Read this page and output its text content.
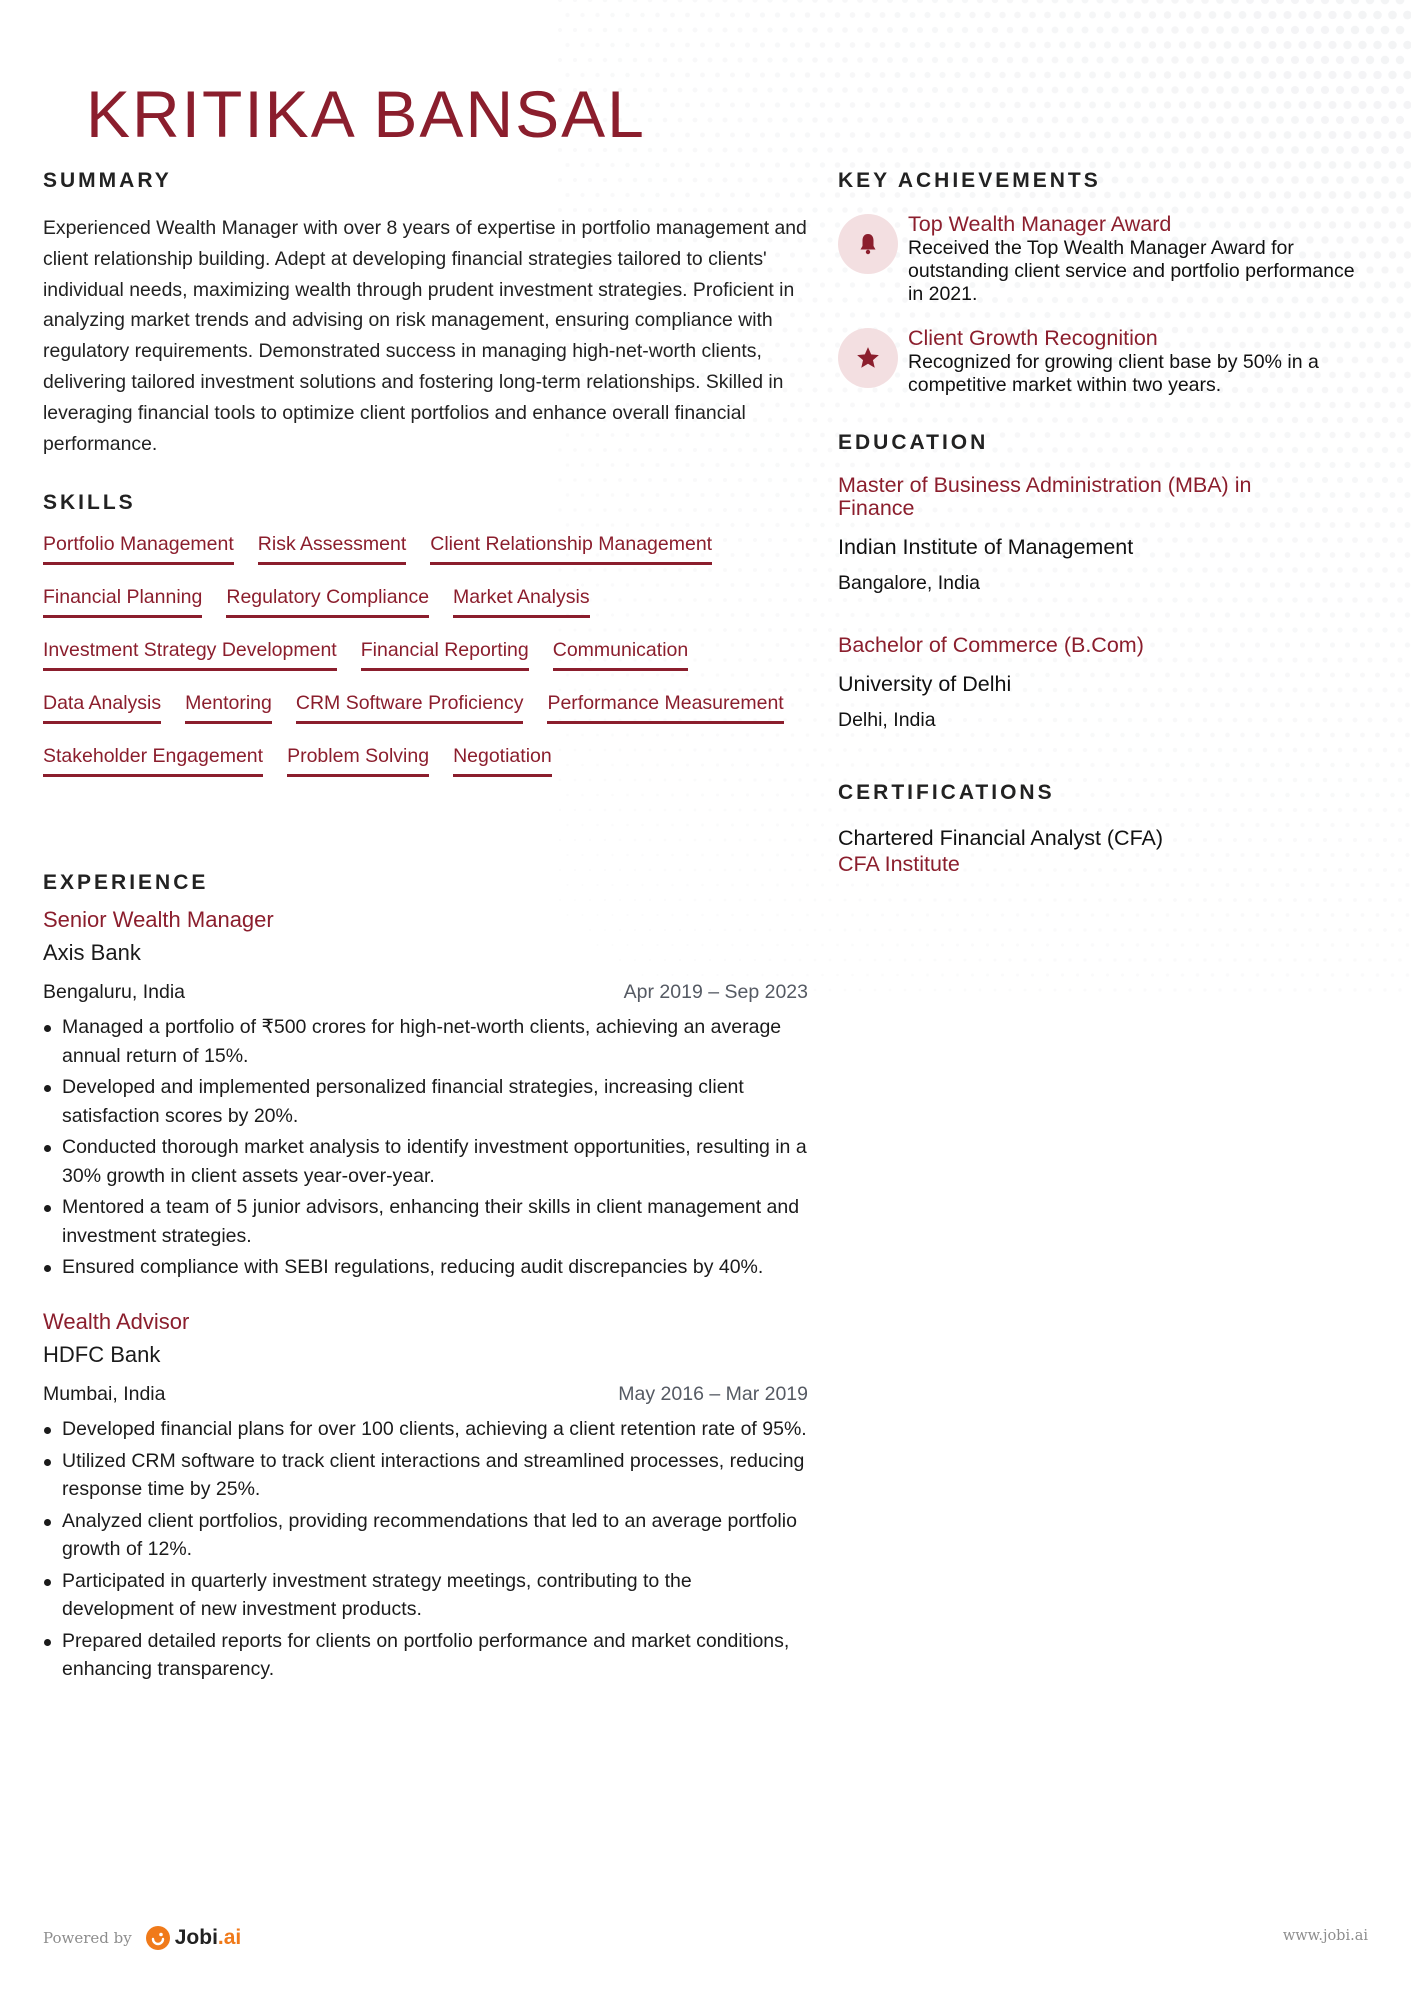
KRITIKA BANSAL
SUMMARY

Experienced Wealth Manager with over 8 years of expertise in portfolio management and client relationship building. Adept at developing financial strategies tailored to clients' individual needs, maximizing wealth through prudent investment strategies. Proficient in analyzing market trends and advising on risk management, ensuring compliance with regulatory requirements. Demonstrated success in managing high-net-worth clients, delivering tailored investment solutions and fostering long-term relationships. Skilled in leveraging financial tools to optimize client portfolios and enhance overall financial performance.

SKILLS
Portfolio Management Risk Assessment Client Relationship Management
Financial Planning Regulatory Compliance Market Analysis
Investment Strategy Development Financial Reporting Communication
Data Analysis Mentoring CRM Software Proficiency Performance Measurement
Stakeholder Engagement Problem Solving Negotiation
EXPERIENCE

Senior Wealth Manager

Axis Bank

Bengaluru, India	Apr 2019 – Sep 2023
Managed a portfolio of ₹500 crores for high-net-worth clients, achieving an average annual return of 15%.
Developed and implemented personalized financial strategies, increasing client satisfaction scores by 20%.
Conducted thorough market analysis to identify investment opportunities, resulting in a 30% growth in client assets year-over-year.
Mentored a team of 5 junior advisors, enhancing their skills in client management and investment strategies.
Ensured compliance with SEBI regulations, reducing audit discrepancies by 40%.

Wealth Advisor

HDFC Bank

Mumbai, India	May 2016 – Mar 2019
Developed financial plans for over 100 clients, achieving a client retention rate of 95%.
Utilized CRM software to track client interactions and streamlined processes, reducing response time by 25%.
Analyzed client portfolios, providing recommendations that led to an average portfolio growth of 12%.
Participated in quarterly investment strategy meetings, contributing to the development of new investment products.
Prepared detailed reports for clients on portfolio performance and market conditions, enhancing transparency.
KEY ACHIEVEMENTS

Top Wealth Manager Award

Received the Top Wealth Manager Award for outstanding client service and portfolio performance in 2021.

Client Growth Recognition

Recognized for growing client base by 50% in a competitive market within two years.

EDUCATION

Master of Business Administration (MBA) in Finance

Indian Institute of Management

Bangalore, India

Bachelor of Commerce (B.Com)

University of Delhi

Delhi, India

CERTIFICATIONS

Chartered Financial Analyst (CFA)

CFA Institute

Powered by Jobi.ai	www.jobi.ai
